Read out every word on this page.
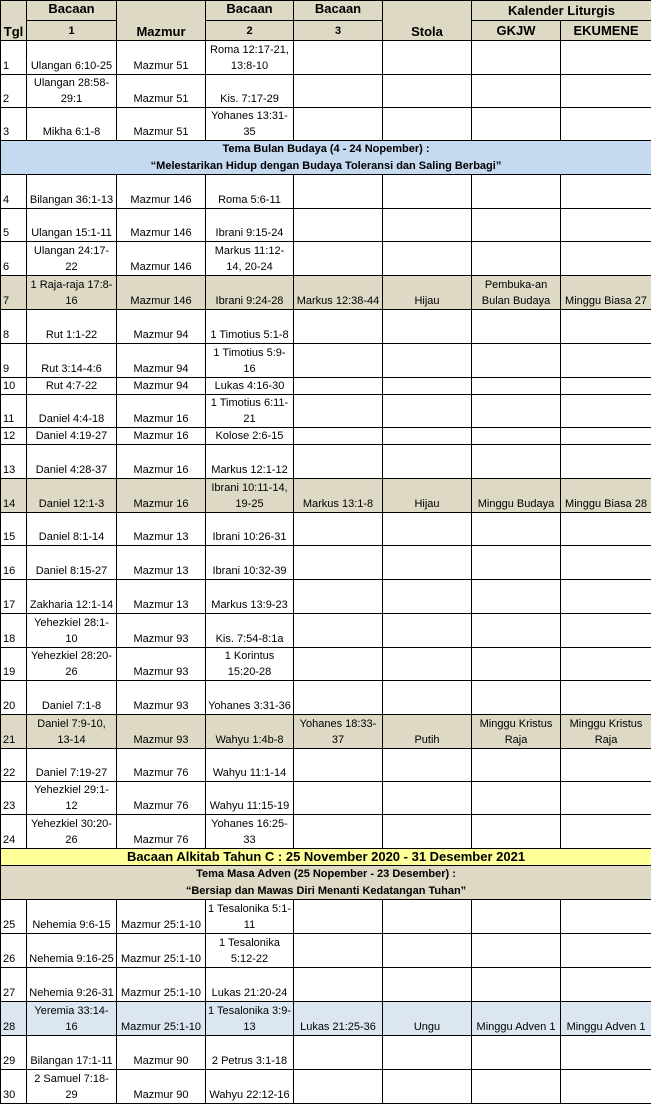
Tgl	Bacaan	Mazmur	Bacaan	Bacaan	Stola	Kalender Liturgis	
	1		2	3		GKJW	EKUMENE
1	Ulangan 6:10-25	Mazmur 51	Roma 12:17-21, 13:8-10				
2	Ulangan 28:58-29:1	Mazmur 51	Kis. 7:17-29				
3	Mikha 6:1-8	Mazmur 51	Yohanes 13:31-35				
Tema Bulan Budaya (4 - 24 Nopember) :							
“Melestarikan Hidup dengan Budaya Toleransi dan Saling Berbagi”							
4	Bilangan 36:1-13	Mazmur 146	Roma 5:6-11				
5	Ulangan 15:1-11	Mazmur 146	Ibrani 9:15-24				
6	Ulangan 24:17-22	Mazmur 146	Markus 11:12-14, 20-24				
7	1 Raja-raja 17:8-16	Mazmur 146	Ibrani 9:24-28	Markus 12:38-44	Hijau	Pembuka-an Bulan Budaya	Minggu Biasa 27
8	Rut 1:1-22	Mazmur 94	1 Timotius 5:1-8				
9	Rut 3:14-4:6	Mazmur 94	1 Timotius 5:9-16				
10	Rut 4:7-22	Mazmur 94	Lukas 4:16-30				
11	Daniel 4:4-18	Mazmur 16	1 Timotius 6:11-21				
12	Daniel 4:19-27	Mazmur 16	Kolose 2:6-15				
13	Daniel 4:28-37	Mazmur 16	Markus 12:1-12				
14	Daniel 12:1-3	Mazmur 16	Ibrani 10:11-14, 19-25	Markus 13:1-8	Hijau	Minggu Budaya	Minggu Biasa 28
15	Daniel 8:1-14	Mazmur 13	Ibrani 10:26-31				
16	Daniel 8:15-27	Mazmur 13	Ibrani 10:32-39				
17	Zakharia 12:1-14	Mazmur 13	Markus 13:9-23				
18	Yehezkiel 28:1-10	Mazmur 93	Kis. 7:54-8:1a				
19	Yehezkiel 28:20-26	Mazmur 93	1 Korintus 15:20-28				
20	Daniel 7:1-8	Mazmur 93	Yohanes 3:31-36				
21	Daniel 7:9-10, 13-14	Mazmur 93	Wahyu 1:4b-8	Yohanes 18:33-37	Putih	Minggu Kristus Raja	Minggu Kristus Raja
22	Daniel 7:19-27	Mazmur 76	Wahyu 11:1-14				
23	Yehezkiel 29:1-12	Mazmur 76	Wahyu 11:15-19				
24	Yehezkiel 30:20-26	Mazmur 76	Yohanes 16:25-33				
Bacaan Alkitab Tahun C : 25 November 2020 - 31 Desember 2021							
Tema Masa Adven (25 Nopember - 23 Desember) :							
“Bersiap dan Mawas Diri Menanti Kedatangan Tuhan”							
25	Nehemia 9:6-15	Mazmur 25:1-10	1 Tesalonika 5:1-11				
26	Nehemia 9:16-25	Mazmur 25:1-10	1 Tesalonika 5:12-22				
27	Nehemia 9:26-31	Mazmur 25:1-10	Lukas 21:20-24				
28	Yeremia 33:14-16	Mazmur 25:1-10	1 Tesalonika 3:9-13	Lukas 21:25-36	Ungu	Minggu Adven 1	Minggu Adven 1
29	Bilangan 17:1-11	Mazmur 90	2 Petrus 3:1-18				
30	2 Samuel 7:18-29	Mazmur 90	Wahyu 22:12-16				
